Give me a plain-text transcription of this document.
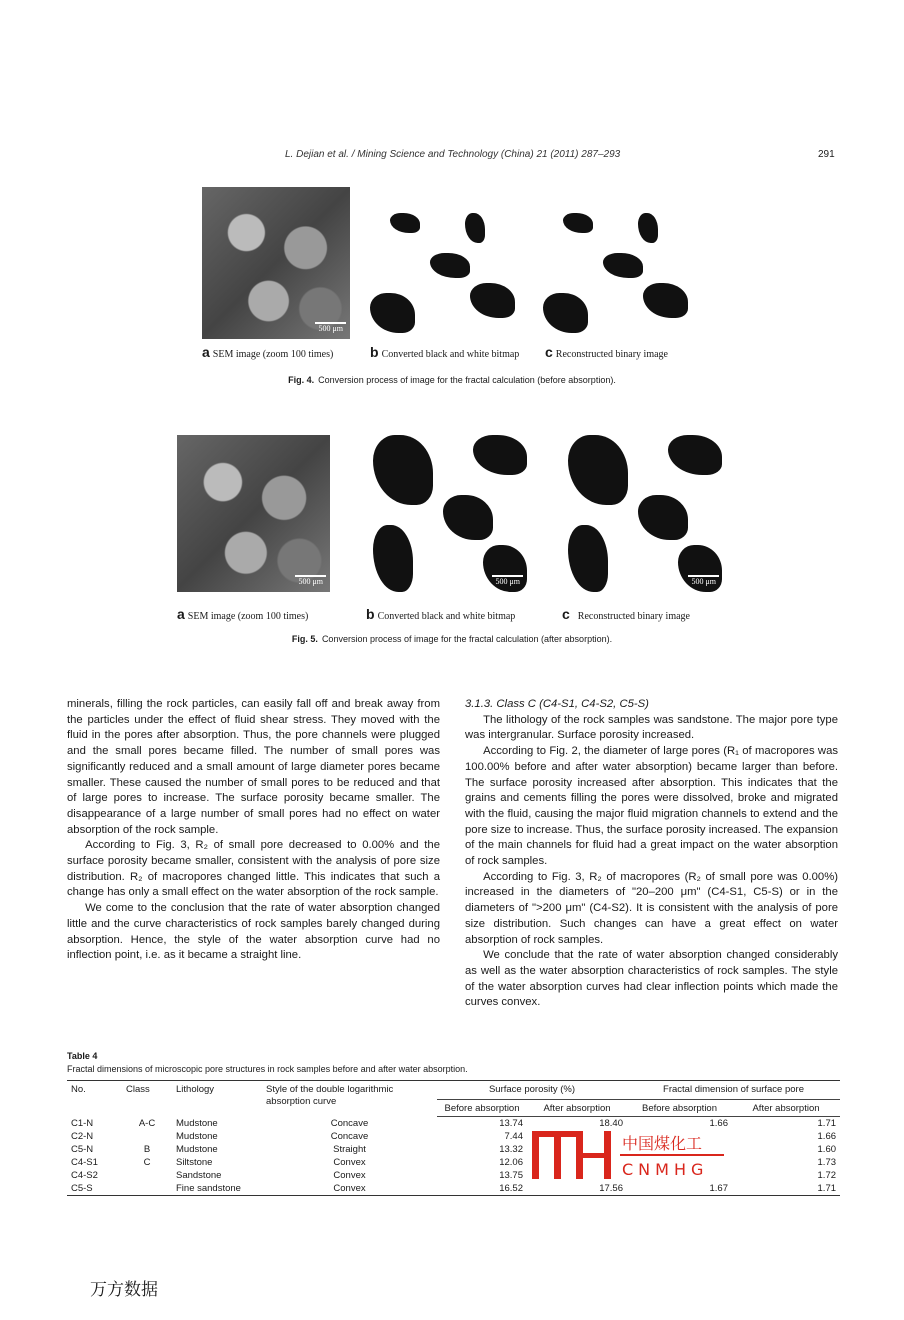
L. Dejian et al. / Mining Science and Technology (China) 21 (2011) 287–293	291
500 μm	500 μm	500 μm
a SEM image (zoom 100 times)	b Converted black and white bitmap c Reconstructed binary image
Fig. 4. Conversion process of image for the fractal calculation (before absorption).
500 μm	500 μm	500 μm
a SEM image (zoom 100 times)	b Converted black and white bitmap	c Reconstructed binary image
Fig. 5. Conversion process of image for the fractal calculation (after absorption).

minerals, filling the rock particles, can easily fall off and break away from the particles under the effect of fluid shear stress. They moved with the fluid in the pores after absorption. Thus, the pore channels were plugged and the small pores became filled. The number of small pores was significantly reduced and a small amount of large diameter pores became smaller. These caused the number of small pores to be reduced and that of large pores to increase. The surface porosity became smaller. The disappearance of a large number of small pores had no effect on water absorption of the rock sample.

According to Fig. 3, R₂ of small pore decreased to 0.00% and the surface porosity became smaller, consistent with the analysis of pore size distribution. R₂ of macropores changed little. This indicates that such a change has only a small effect on the water absorption of the rock sample.

We come to the conclusion that the rate of water absorption changed little and the curve characteristics of rock samples barely changed during absorption. Hence, the style of the water absorption curve had no inflection point, i.e. as it became a straight line.

3.1.3. Class C (C4-S1, C4-S2, C5-S)

The lithology of the rock samples was sandstone. The major pore type was intergranular. Surface porosity increased.

According to Fig. 2, the diameter of large pores (R₁ of macropores was 100.00% before and after water absorption) became larger than before. The surface porosity increased after absorption. This indicates that the grains and cements filling the pores were dissolved, broke and migrated with the fluid, causing the major fluid migration channels to extend and the pore size to increase. Thus, the surface porosity increased. The expansion of the main channels for fluid had a great impact on the water absorption of rock samples.

According to Fig. 3, R₂ of macropores (R₂ of small pore was 0.00%) increased in the diameters of "20–200 μm" (C4-S1, C5-S) or in the diameters of ">200 μm" (C4-S2). It is consistent with the analysis of pore size distribution. Such changes can have a great effect on water absorption of rock samples.

We conclude that the rate of water absorption changed considerably as well as the water absorption characteristics of rock samples. The style of the water absorption curves had clear inflection points which made the curves convex.

Table 4
Fractal dimensions of microscopic pore structures in rock samples before and after water absorption.
No.	Class	Lithology	Style of the double logarithmic absorption curve	Surface porosity (%)		Fractal dimension of surface pore	
				Before absorption	After absorption	Before absorption	After absorption
C1-N	A-C	Mudstone	Concave	13.74	18.40	1.66	1.71
C2-N		Mudstone	Concave	7.44			1.66
C5-N	B	Mudstone	Straight	13.32			1.60
C4-S1	C	Siltstone	Convex	12.06			1.73
C4-S2		Sandstone	Convex	13.75			1.72
C5-S		Fine sandstone	Convex	16.52	17.56	1.67	1.71
中国煤化工
CNMHG
万方数据
